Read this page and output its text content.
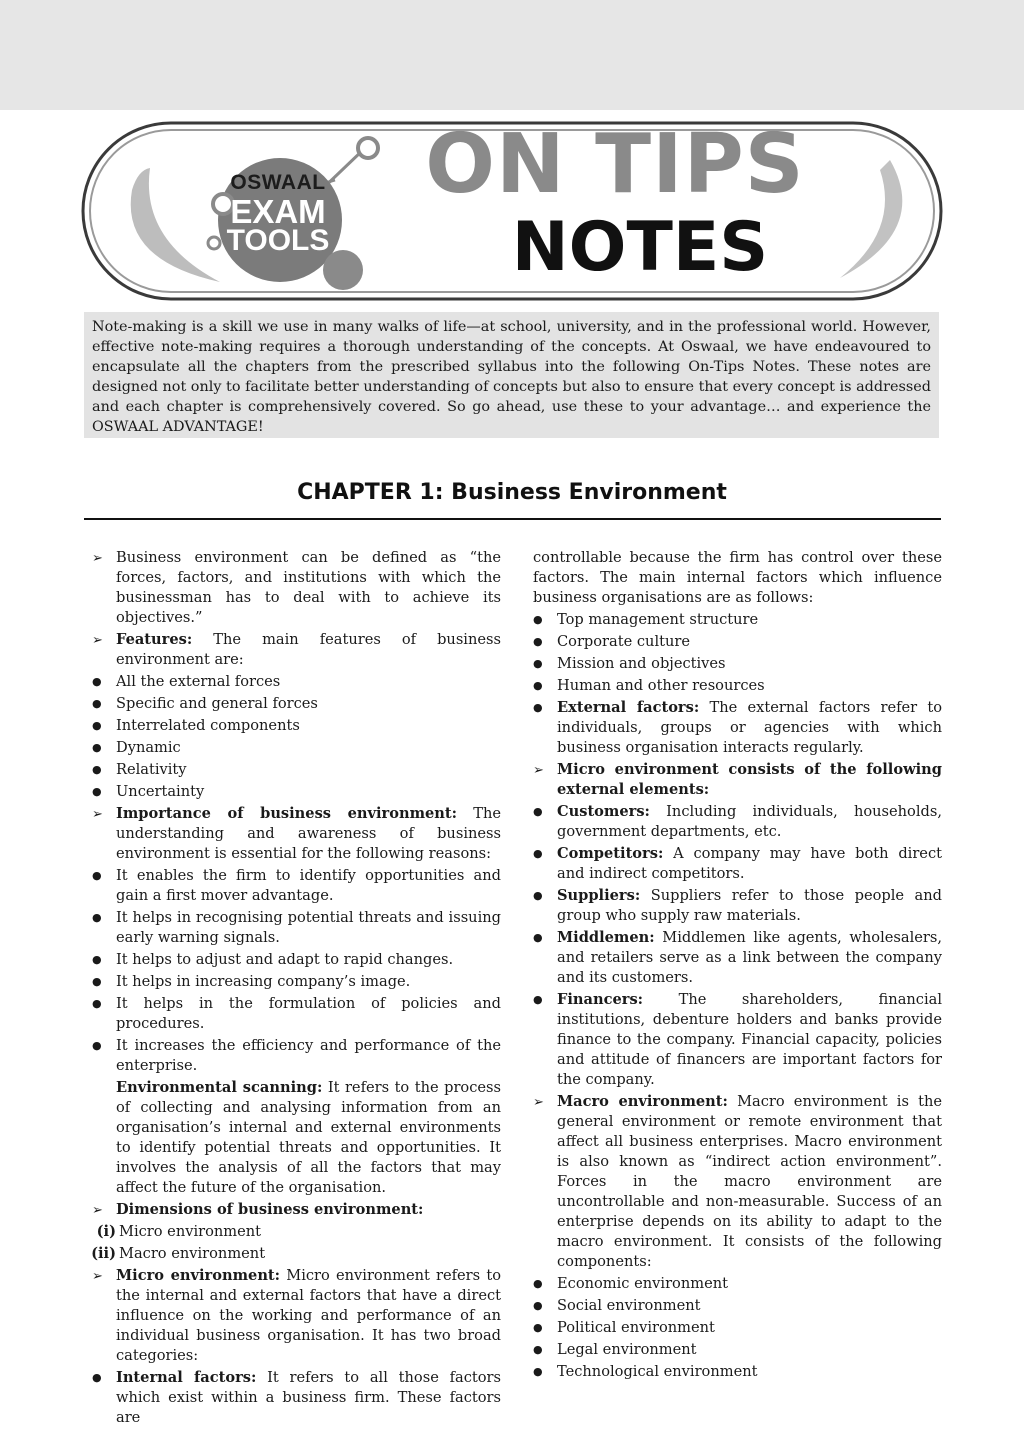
OSWAAL
EXAM
TOOLS
ON TIPS
NOTES
Note-making is a skill we use in many walks of life—at school, university, and in the professional world. However, effective note-making requires a thorough understanding of the concepts. At Oswaal, we have endeavoured to encapsulate all the chapters from the prescribed syllabus into the following On-Tips Notes. These notes are designed not only to facilitate better understanding of concepts but also to ensure that every concept is addressed and each chapter is comprehensively covered. So go ahead, use these to your advantage… and experience the OSWAAL ADVANTAGE!
CHAPTER 1: Business Environment
➢
Business environment can be defined as “the forces, factors, and institutions with which the businessman has to deal with to achieve its objectives.”
➢
Features: The main features of business environment are:
●
All the external forces
●
Specific and general forces
●
Interrelated components
●
Dynamic
●
Relativity
●
Uncertainty
➢
Importance of business environment: The understanding and awareness of business environment is essential for the following reasons:
●
It enables the firm to identify opportunities and gain a first mover advantage.
●
It helps in recognising potential threats and issuing early warning signals.
●
It helps to adjust and adapt to rapid changes.
●
It helps in increasing company’s image.
●
It helps in the formulation of policies and procedures.
●
It increases the efficiency and performance of the enterprise.
Environmental scanning: It refers to the process of collecting and analysing information from an organisation’s internal and external environments to identify potential threats and opportunities. It involves the analysis of all the factors that may affect the future of the organisation.
➢
Dimensions of business environment:
(i) Micro environment
(ii) Macro environment
➢
Micro environment: Micro environment refers to the internal and external factors that have a direct influence on the working and performance of an individual business organisation. It has two broad categories:
●
Internal factors: It refers to all those factors which exist within a business firm. These factors are
controllable because the firm has control over these factors. The main internal factors which influence business organisations are as follows:
●
Top management structure
●
Corporate culture
●
Mission and objectives
●
Human and other resources
●
External factors: The external factors refer to individuals, groups or agencies with which business organisation interacts regularly.
➢
Micro environment consists of the following external elements:
●
Customers: Including individuals, households, government departments, etc.
●
Competitors: A company may have both direct and indirect competitors.
●
Suppliers: Suppliers refer to those people and group who supply raw materials.
●
Middlemen: Middlemen like agents, wholesalers, and retailers serve as a link between the company and its customers.
●
Financers: The shareholders, financial institutions, debenture holders and banks provide finance to the company. Financial capacity, policies and attitude of financers are important factors for the company.
➢
Macro environment: Macro environment is the general environment or remote environment that affect all business enterprises. Macro environment is also known as “indirect action environment”. Forces in the macro environment are uncontrollable and non-measurable. Success of an enterprise depends on its ability to adapt to the macro environment. It consists of the following components:
●
Economic environment
●
Social environment
●
Political environment
●
Legal environment
●
Technological environment
